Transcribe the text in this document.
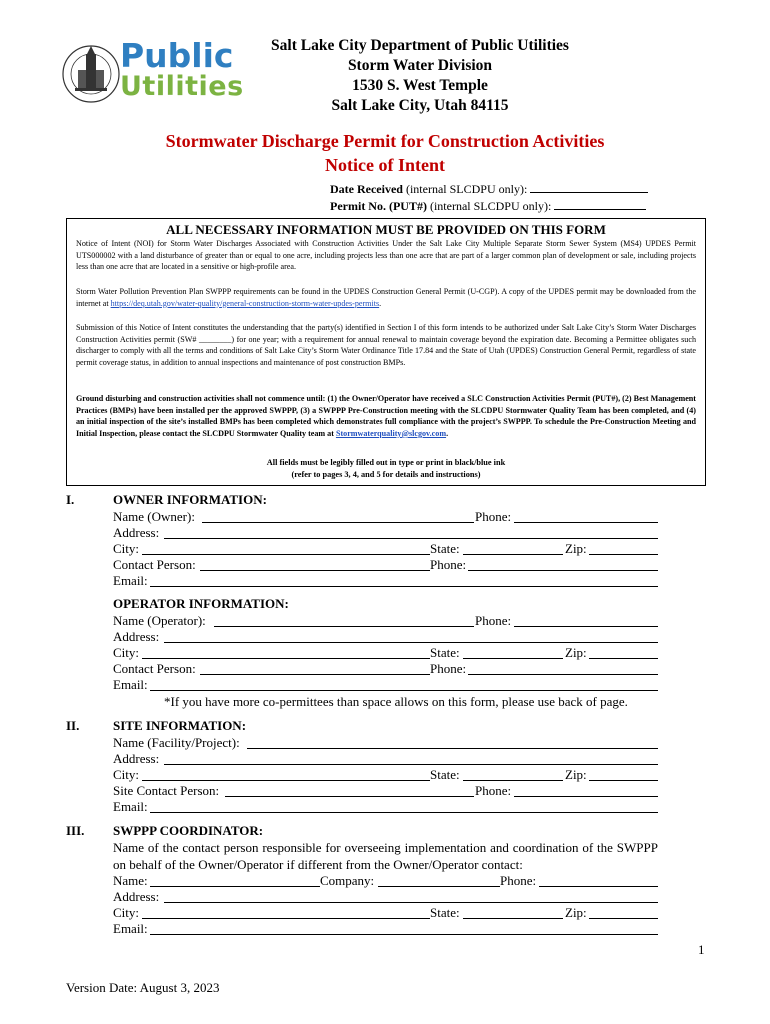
Public
Utilities
Salt Lake City Department of Public Utilities
Storm Water Division
1530 S. West Temple
Salt Lake City, Utah 84115
Stormwater Discharge Permit for Construction Activities
Notice of Intent
Date Received (internal SLCDPU only):
Permit No. (PUT#) (internal SLCDPU only):
ALL NECESSARY INFORMATION MUST BE PROVIDED ON THIS FORM
Notice of Intent (NOI) for Storm Water Discharges Associated with Construction Activities Under the Salt Lake City Multiple Separate Storm Sewer System (MS4) UPDES Permit UTS000002 with a land disturbance of greater than or equal to one acre, including projects less than one acre that are part of a larger common plan of development or sale, including projects less than one acre that are located in a sensitive or high-profile area.
Storm Water Pollution Prevention Plan SWPPP requirements can be found in the UPDES Construction General Permit (U-CGP). A copy of the UPDES permit may be downloaded from the internet at https://deq.utah.gov/water-quality/general-construction-storm-water-updes-permits.
Submission of this Notice of Intent constitutes the understanding that the party(s) identified in Section I of this form intends to be authorized under Salt Lake City’s Storm Water Discharges Construction Activities permit (SW# ________) for one year; with a requirement for annual renewal to maintain coverage beyond the expiration date. Becoming a Permittee obligates such discharger to comply with all the terms and conditions of Salt Lake City’s Storm Water Ordinance Title 17.84 and the State of Utah (UPDES) Construction General Permit, regardless of state permit coverage status, in addition to annual inspections and maintenance of post construction BMPs.
Ground disturbing and construction activities shall not commence until: (1) the Owner/Operator have received a SLC Construction Activities Permit (PUT#), (2) Best Management Practices (BMPs) have been installed per the approved SWPPP, (3) a SWPPP Pre-Construction meeting with the SLCDPU Stormwater Quality Team has been completed, and (4) an initial inspection of the site’s installed BMPs has been completed which demonstrates full compliance with the project’s SWPPP. To schedule the Pre-Construction Meeting and Initial Inspection, please contact the SLCDPU Stormwater Quality team at Stormwaterquality@slcgov.com.
All fields must be legibly filled out in type or print in black/blue ink
(refer to pages 3, 4, and 5 for details and instructions)
I.	OWNER INFORMATION:
Name (Owner):	Phone:
Address:
City:	State:	Zip:
Contact Person:	Phone:
Email:
OPERATOR INFORMATION:
Name (Operator):	Phone:
Address:
City:	State:	Zip:
Contact Person:	Phone:
Email:
*If you have more co-permittees than space allows on this form, please use back of page.
II.	SITE INFORMATION:
Name (Facility/Project):
Address:
City:	State:	Zip:
Site Contact Person:	Phone:
Email:
III. SWPPP COORDINATOR:
Name of the contact person responsible for overseeing implementation and coordination of the SWPPP on behalf of the Owner/Operator if different from the Owner/Operator contact:
Name:	Company:	Phone:
Address:
City:	State:	Zip:
Email:
1
Version Date: August 3, 2023
